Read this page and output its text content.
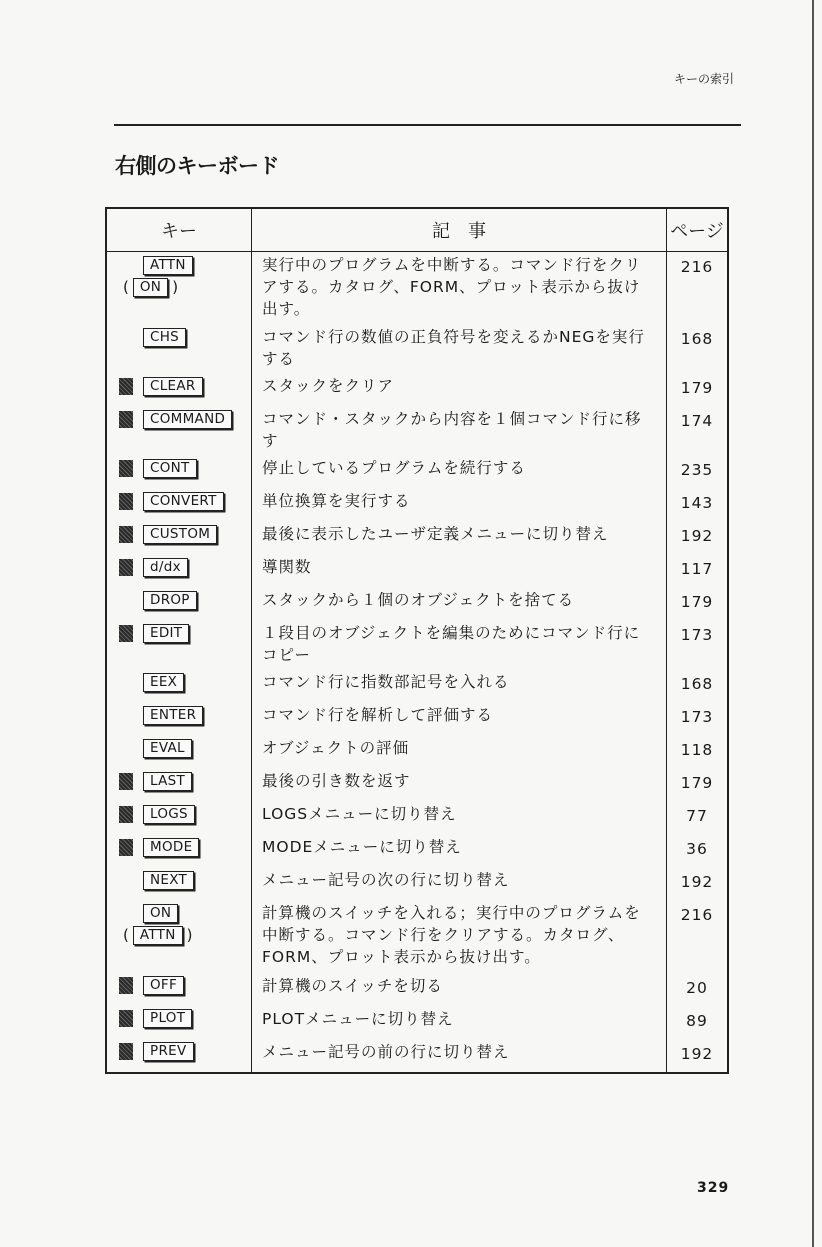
キーの索引
右側のキーボード
キー	記　事	ページ

ATTN
( ON )	実行中のプログラムを中断する。コマンド行をクリアする。カタログ、FORM、プロット表示から抜け出す。	216

CHS	コマンド行の数値の正負符号を変えるかNEGを実行する	168

CLEAR	スタックをクリア	179

COMMAND	コマンド・スタックから内容を１個コマンド行に移す	174

CONT	停止しているプログラムを続行する	235

CONVERT	単位換算を実行する	143

CUSTOM	最後に表示したユーザ定義メニューに切り替え	192

d/dx	導関数	117

DROP	スタックから１個のオブジェクトを捨てる	179

EDIT	１段目のオブジェクトを編集のためにコマンド行にコピー	173

EEX	コマンド行に指数部記号を入れる	168

ENTER	コマンド行を解析して評価する	173

EVAL	オブジェクトの評価	118

LAST	最後の引き数を返す	179

LOGS	LOGSメニューに切り替え	77

MODE	MODEメニューに切り替え	36

NEXT	メニュー記号の次の行に切り替え	192

ON
( ATTN )	計算機のスイッチを入れる；実行中のプログラムを中断する。コマンド行をクリアする。カタログ、FORM、プロット表示から抜け出す。	216

OFF	計算機のスイッチを切る	20

PLOT	PLOTメニューに切り替え	89

PREV	メニュー記号の前の行に切り替え	192
329
